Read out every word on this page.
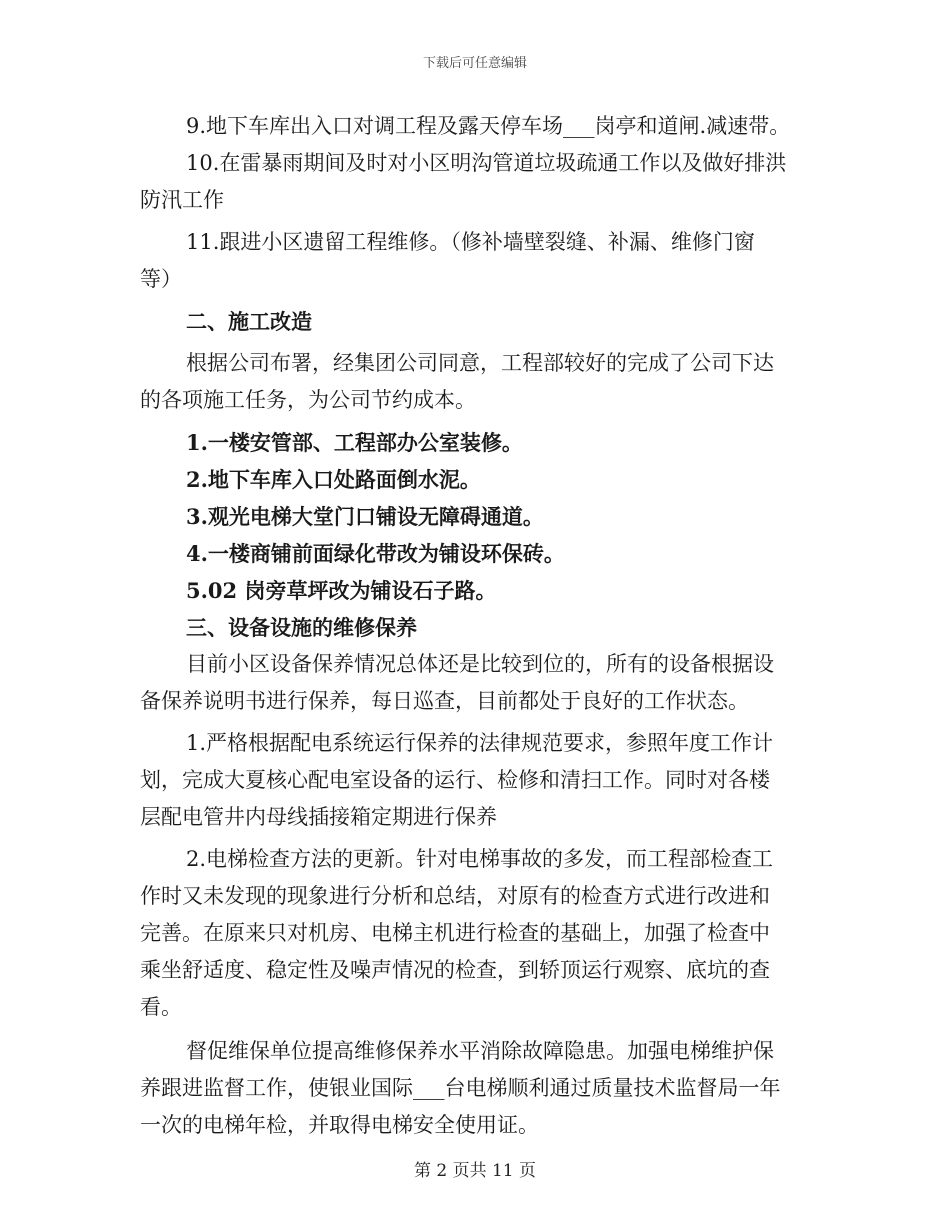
下载后可任意编辑

9.地下车库出入口对调工程及露天停车场___岗亭和道闸.减速带。

10.在雷暴雨期间及时对小区明沟管道垃圾疏通工作以及做好排洪

防汛工作

11.跟进小区遗留工程维修。（修补墙壁裂缝、补漏、维修门窗

等）

二、施工改造

根据公司布署，经集团公司同意，工程部较好的完成了公司下达

的各项施工任务，为公司节约成本。

1.一楼安管部、工程部办公室装修。

2.地下车库入口处路面倒水泥。

3.观光电梯大堂门口铺设无障碍通道。

4.一楼商铺前面绿化带改为铺设环保砖。

5.02 岗旁草坪改为铺设石子路。

三、设备设施的维修保养

目前小区设备保养情况总体还是比较到位的，所有的设备根据设

备保养说明书进行保养，每日巡查，目前都处于良好的工作状态。

1.严格根据配电系统运行保养的法律规范要求，参照年度工作计

划，完成大夏核心配电室设备的运行、检修和清扫工作。同时对各楼

层配电管井内母线插接箱定期进行保养

2.电梯检查方法的更新。针对电梯事故的多发，而工程部检查工

作时又未发现的现象进行分析和总结，对原有的检查方式进行改进和

完善。在原来只对机房、电梯主机进行检查的基础上，加强了检查中

乘坐舒适度、稳定性及噪声情况的检查，到轿顶运行观察、底坑的查

看。

督促维保单位提高维修保养水平消除故障隐患。加强电梯维护保

养跟进监督工作，使银业国际___台电梯顺利通过质量技术监督局一年

一次的电梯年检，并取得电梯安全使用证。

第 2 页共 11 页
